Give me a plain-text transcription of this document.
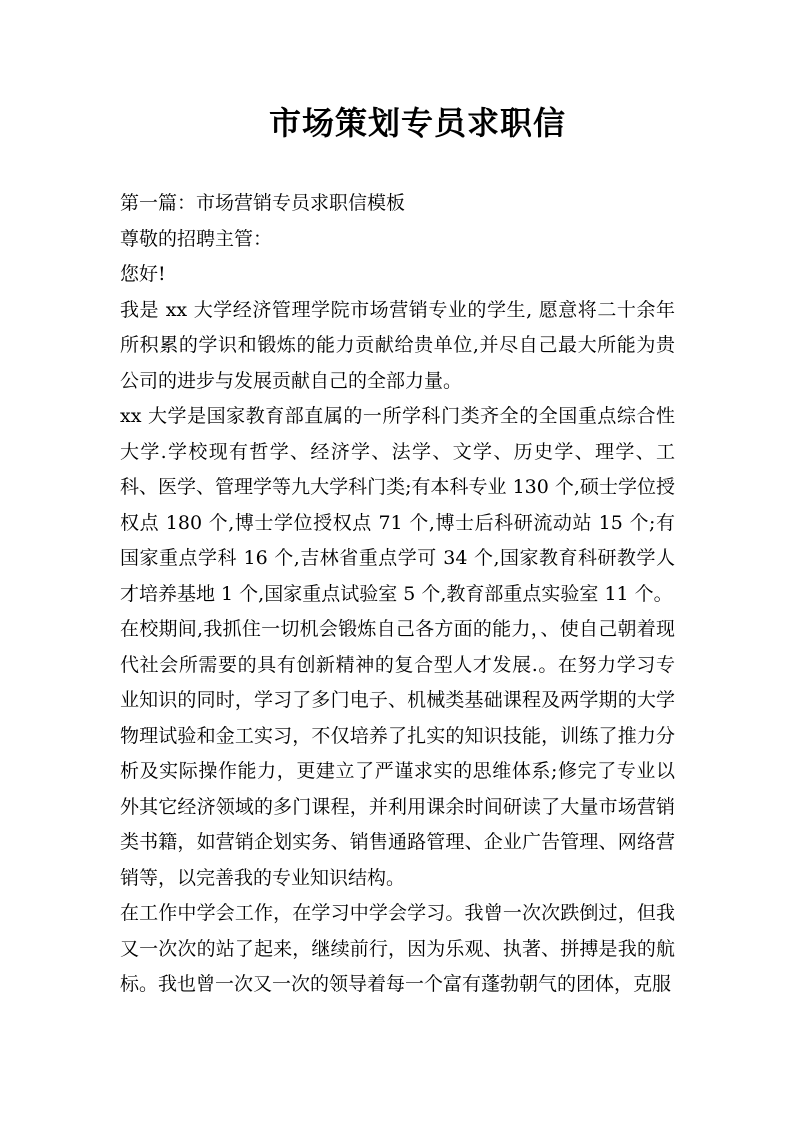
市场策划专员求职信

第一篇：市场营销专员求职信模板

尊敬的招聘主管：

您好!

我是 xx 大学经济管理学院市场营销专业的学生, 愿意将二十余年所积累的学识和锻炼的能力贡献给贵单位,并尽自己最大所能为贵公司的进步与发展贡献自己的全部力量。

xx 大学是国家教育部直属的一所学科门类齐全的全国重点综合性大学.学校现有哲学、经济学、法学、文学、历史学、理学、工科、医学、管理学等九大学科门类;有本科专业 130 个,硕士学位授权点 180 个,博士学位授权点 71 个,博士后科研流动站 15 个;有国家重点学科 16 个,吉林省重点学可 34 个,国家教育科研教学人才培养基地 1 个,国家重点试验室 5 个,教育部重点实验室 11 个。

在校期间,我抓住一切机会锻炼自己各方面的能力，、使自己朝着现代社会所需要的具有创新精神的复合型人才发展.。在努力学习专业知识的同时，学习了多门电子、机械类基础课程及两学期的大学物理试验和金工实习，不仅培养了扎实的知识技能，训练了推力分析及实际操作能力，更建立了严谨求实的思维体系;修完了专业以外其它经济领域的多门课程，并利用课余时间研读了大量市场营销类书籍，如营销企划实务、销售通路管理、企业广告管理、网络营销等，以完善我的专业知识结构。

在工作中学会工作，在学习中学会学习。我曾一次次跌倒过，但我又一次次的站了起来，继续前行，因为乐观、执著、拼搏是我的航标。我也曾一次又一次的领导着每一个富有蓬勃朝气的团体，克服
